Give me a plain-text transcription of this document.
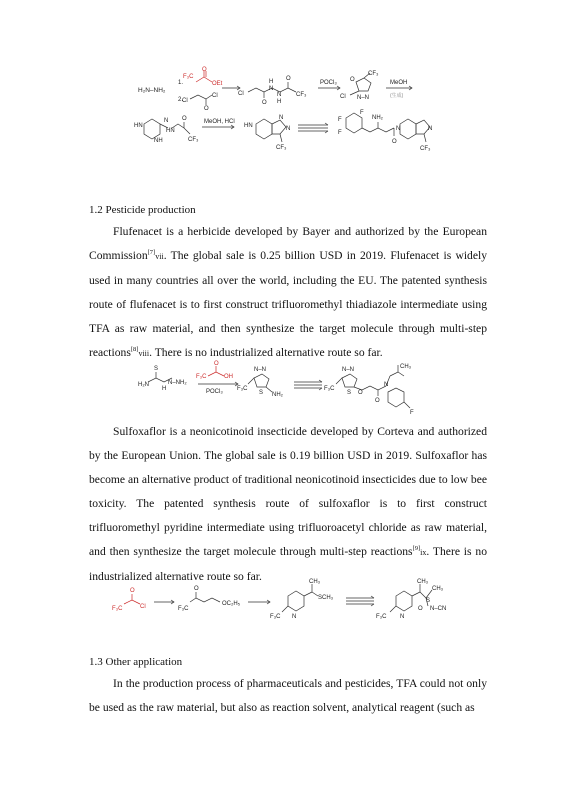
H₂N–NH₂
1.
2.
F₃C
O
OEt
Cl
O
Cl	Cl
N
H
N
H
O
O
CF₃
POCl₃
CF₃
O
N–N
Cl
MeOH
(生成)
HN
NH
N
HN
O
CF₃
MeOH, HCl
HN
N
N
CF₃
F
F
F
NH₂
O
N	N
CF₃
1.2 Pesticide production
Flufenacet is a herbicide developed by Bayer and authorized by the European Commission[7]vii. The global sale is 0.25 billion USD in 2019. Flufenacet is widely used in many countries all over the world, including the EU. The patented synthesis route of flufenacet is to first construct trifluoromethyl thiadiazole intermediate using TFA as raw material, and then synthesize the target molecule through multi-step reactions[8]viii. There is no industrialized alternative route so far.
S
H₂N
H
N–NH₂
F₃C
O
OH
POCl₃
N–N
S
F₃C
NH₂
N–N
S
F₃C
O
O
N
CH₃
F
Sulfoxaflor is a neonicotinoid insecticide developed by Corteva and authorized by the European Union. The global sale is 0.19 billion USD in 2019. Sulfoxaflor has become an alternative product of traditional neonicotinoid insecticides due to low bee toxicity. The patented synthesis route of sulfoxaflor is to first construct trifluoromethyl pyridine intermediate using trifluoroacetyl chloride as raw material, and then synthesize the target molecule through multi-step reactions[9]ix. There is no industrialized alternative route so far.
F₃C
O
Cl	F₃C
O
OC₂H₅
CH₃
SCH₃
N
F₃C
CH₃
CH₃
S
O N–CN
N
F₃C
1.3 Other application
In the production process of pharmaceuticals and pesticides, TFA could not only be used as the raw material, but also as reaction solvent, analytical reagent (such as
